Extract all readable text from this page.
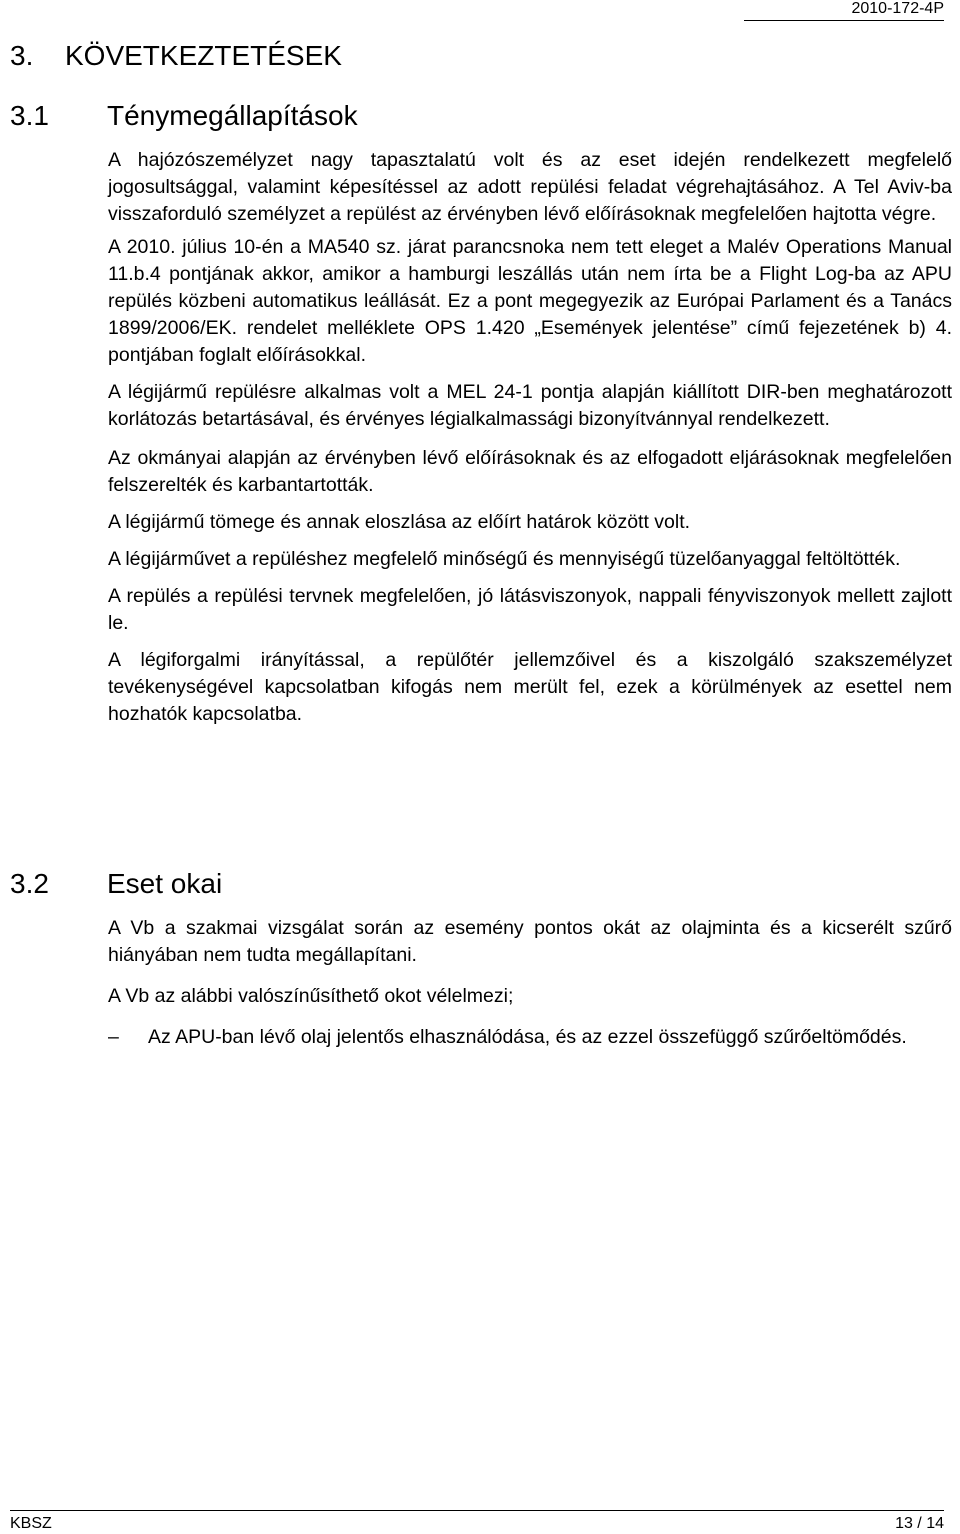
2010-172-4P
3. KÖVETKEZTETÉSEK
3.1 Ténymegállapítások

A hajózószemélyzet nagy tapasztalatú volt és az eset idején rendelkezett megfelelő jogosultsággal, valamint képesítéssel az adott repülési feladat végrehajtásához. A Tel Aviv-ba visszaforduló személyzet a repülést az érvényben lévő előírásoknak megfelelően hajtotta végre.

A 2010. július 10-én a MA540 sz. járat parancsnoka nem tett eleget a Malév Operations Manual 11.b.4 pontjának akkor, amikor a hamburgi leszállás után nem írta be a Flight Log-ba az APU repülés közbeni automatikus leállását. Ez a pont megegyezik az Európai Parlament és a Tanács 1899/2006/EK. rendelet melléklete OPS 1.420 „Események jelentése” című fejezetének b) 4. pontjában foglalt előírásokkal.

A légijármű repülésre alkalmas volt a MEL 24-1 pontja alapján kiállított DIR-ben meghatározott korlátozás betartásával, és érvényes légialkalmassági bizonyítvánnyal rendelkezett.

Az okmányai alapján az érvényben lévő előírásoknak és az elfogadott eljárásoknak megfelelően felszerelték és karbantartották.

A légijármű tömege és annak eloszlása az előírt határok között volt.

A légijárművet a repüléshez megfelelő minőségű és mennyiségű tüzelőanyaggal feltöltötték.

A repülés a repülési tervnek megfelelően, jó látásviszonyok, nappali fényviszonyok mellett zajlott le.

A légiforgalmi irányítással, a repülőtér jellemzőivel és a kiszolgáló szakszemélyzet tevékenységével kapcsolatban kifogás nem merült fel, ezek a körülmények az esettel nem hozhatók kapcsolatba.

3.2 Eset okai

A Vb a szakmai vizsgálat során az esemény pontos okát az olajminta és a kicserélt szűrő hiányában nem tudta megállapítani.

A Vb az alábbi valószínűsíthető okot vélelmezi;

–	Az APU-ban lévő olaj jelentős elhasználódása, és az ezzel összefüggő szűrőeltömődés.
KBSZ	13 / 14
